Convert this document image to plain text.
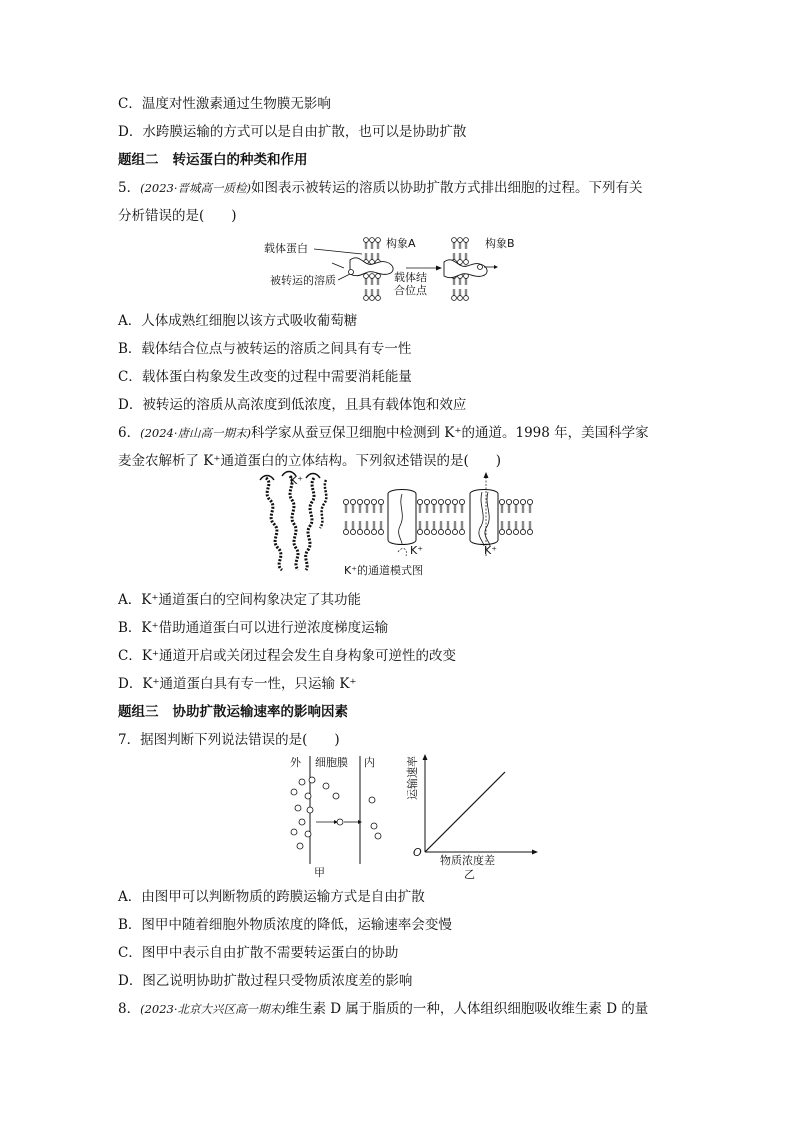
C．温度对性激素通过生物膜无影响
D．水跨膜运输的方式可以是自由扩散，也可以是协助扩散
题组二 转运蛋白的种类和作用
5．(2023·晋城高一质检)如图表示被转运的溶质以协助扩散方式排出细胞的过程。下列有关
分析错误的是(　　)
载体蛋白
被转运的溶质
构象A	构象B
载体结
合位点
A．人体成熟红细胞以该方式吸收葡萄糖
B．载体结合位点与被转运的溶质之间具有专一性
C．载体蛋白构象发生改变的过程中需要消耗能量
D．被转运的溶质从高浓度到低浓度，且具有载体饱和效应
6．(2024·唐山高一期末)科学家从蚕豆保卫细胞中检测到 K⁺的通道。1998 年，美国科学家
麦金农解析了 K⁺通道蛋白的立体结构。下列叙述错误的是(　　)
K⁺
K⁺	K⁺
K⁺的通道模式图
A．K⁺通道蛋白的空间构象决定了其功能
B．K⁺借助通道蛋白可以进行逆浓度梯度运输
C．K⁺通道开启或关闭过程会发生自身构象可逆性的改变
D．K⁺通道蛋白具有专一性，只运输 K⁺
题组三 协助扩散运输速率的影响因素
7．据图判断下列说法错误的是(　　)
外 细胞膜 内
甲
O
运输速率
物质浓度差
乙
A．由图甲可以判断物质的跨膜运输方式是自由扩散
B．图甲中随着细胞外物质浓度的降低，运输速率会变慢
C．图甲中表示自由扩散不需要转运蛋白的协助
D．图乙说明协助扩散过程只受物质浓度差的影响
8．(2023·北京大兴区高一期末)维生素 D 属于脂质的一种，人体组织细胞吸收维生素 D 的量
